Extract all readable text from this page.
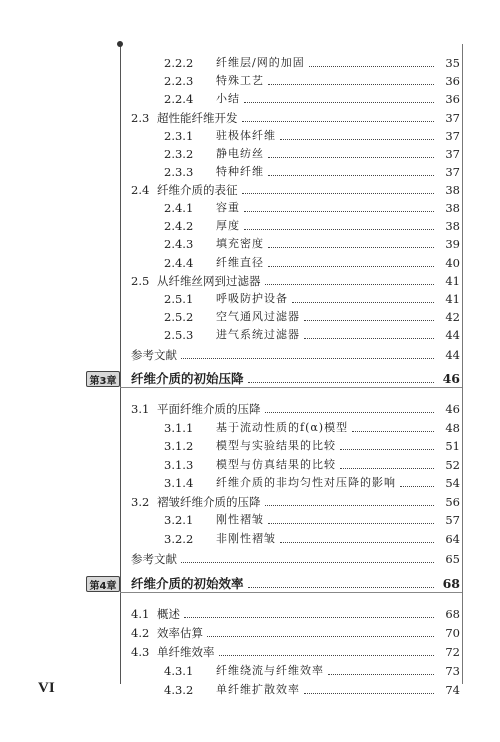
2.2.2	纤维层/网的加固	35
2.2.3	特殊工艺	36
2.2.4	小结	36
2.3 超性能纤维开发	37
2.3.1	驻极体纤维	37
2.3.2	静电纺丝	37
2.3.3	特种纤维	37
2.4 纤维介质的表征	38
2.4.1	容重	38
2.4.2	厚度	38
2.4.3	填充密度	39
2.4.4	纤维直径	40
2.5 从纤维丝网到过滤器	41
2.5.1	呼吸防护设备	41
2.5.2	空气通风过滤器	42
2.5.3	进气系统过滤器	44
参考文献	44
第3章 纤维介质的初始压降	46
3.1 平面纤维介质的压降	46
3.1.1	基于流动性质的f(α)模型	48
3.1.2	模型与实验结果的比较	51
3.1.3	模型与仿真结果的比较	52
3.1.4	纤维介质的非均匀性对压降的影响	54
3.2 褶皱纤维介质的压降	56
3.2.1	刚性褶皱	57
3.2.2	非刚性褶皱	64
参考文献	65
第4章 纤维介质的初始效率	68
4.1 概述	68
4.2 效率估算	70
4.3 单纤维效率	72
4.3.1	纤维绕流与纤维效率	73
4.3.2	单纤维扩散效率	74
VI
